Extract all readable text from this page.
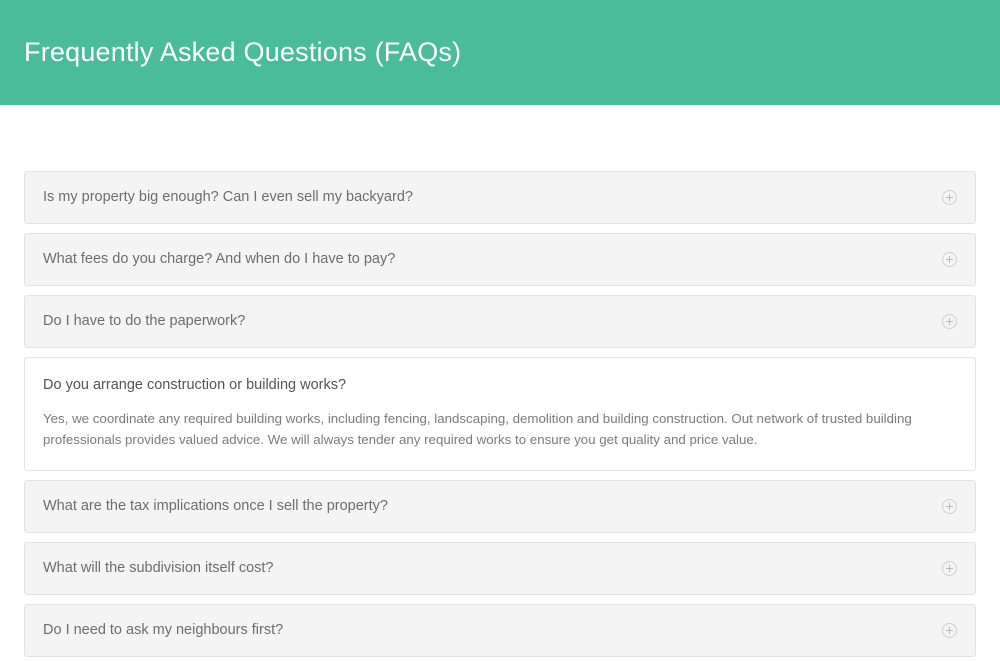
Frequently Asked Questions (FAQs)
Is my property big enough? Can I even sell my backyard?
What fees do you charge? And when do I have to pay?
Do I have to do the paperwork?
Do you arrange construction or building works?
Yes, we coordinate any required building works, including fencing, landscaping, demolition and building construction. Out network of trusted building professionals provides valued advice. We will always tender any required works to ensure you get quality and price value.
What are the tax implications once I sell the property?
What will the subdivision itself cost?
Do I need to ask my neighbours first?
